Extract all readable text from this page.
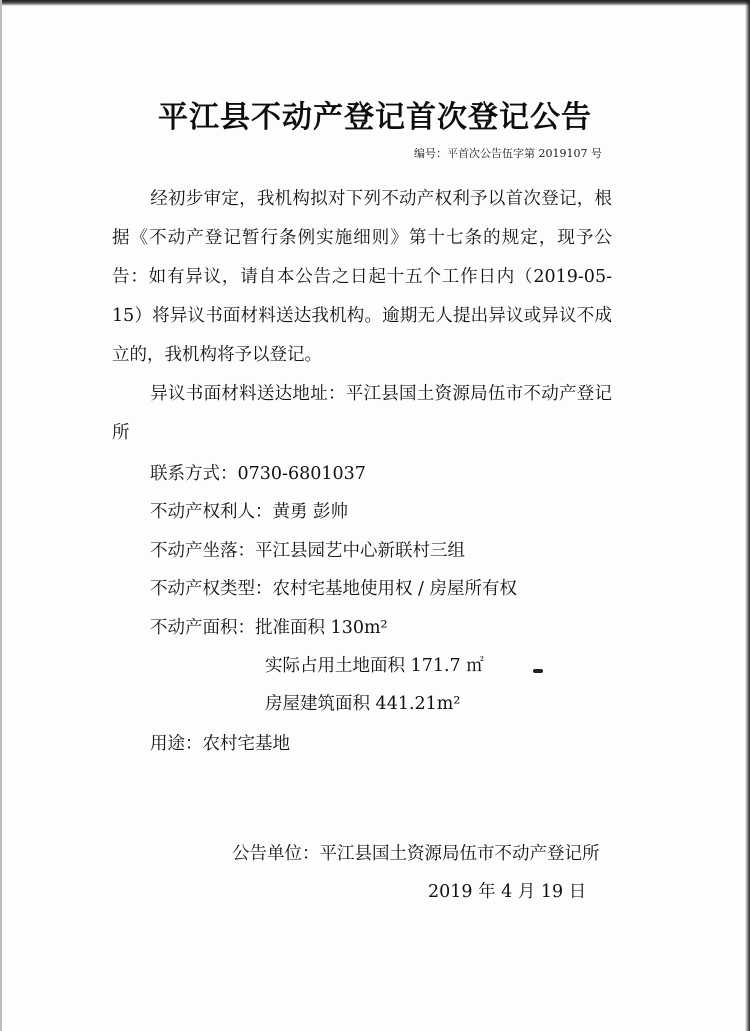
平江县不动产登记首次登记公告
编号：平首次公告伍字第 2019107 号
经初步审定，我机构拟对下列不动产权利予以首次登记，根据《不动产登记暂行条例实施细则》第十七条的规定，现予公告：如有异议，请自本公告之日起十五个工作日内（2019-05-15）将异议书面材料送达我机构。逾期无人提出异议或异议不成立的，我机构将予以登记。
异议书面材料送达地址：平江县国土资源局伍市不动产登记所
联系方式：0730-6801037
不动产权利人：黄勇 彭帅
不动产坐落：平江县园艺中心新联村三组
不动产权类型：农村宅基地使用权 / 房屋所有权
不动产面积：批准面积 130m²
实际占用土地面积 171.7 ㎡
房屋建筑面积 441.21m²
用途：农村宅基地
公告单位：平江县国土资源局伍市不动产登记所
2019 年 4 月 19 日
